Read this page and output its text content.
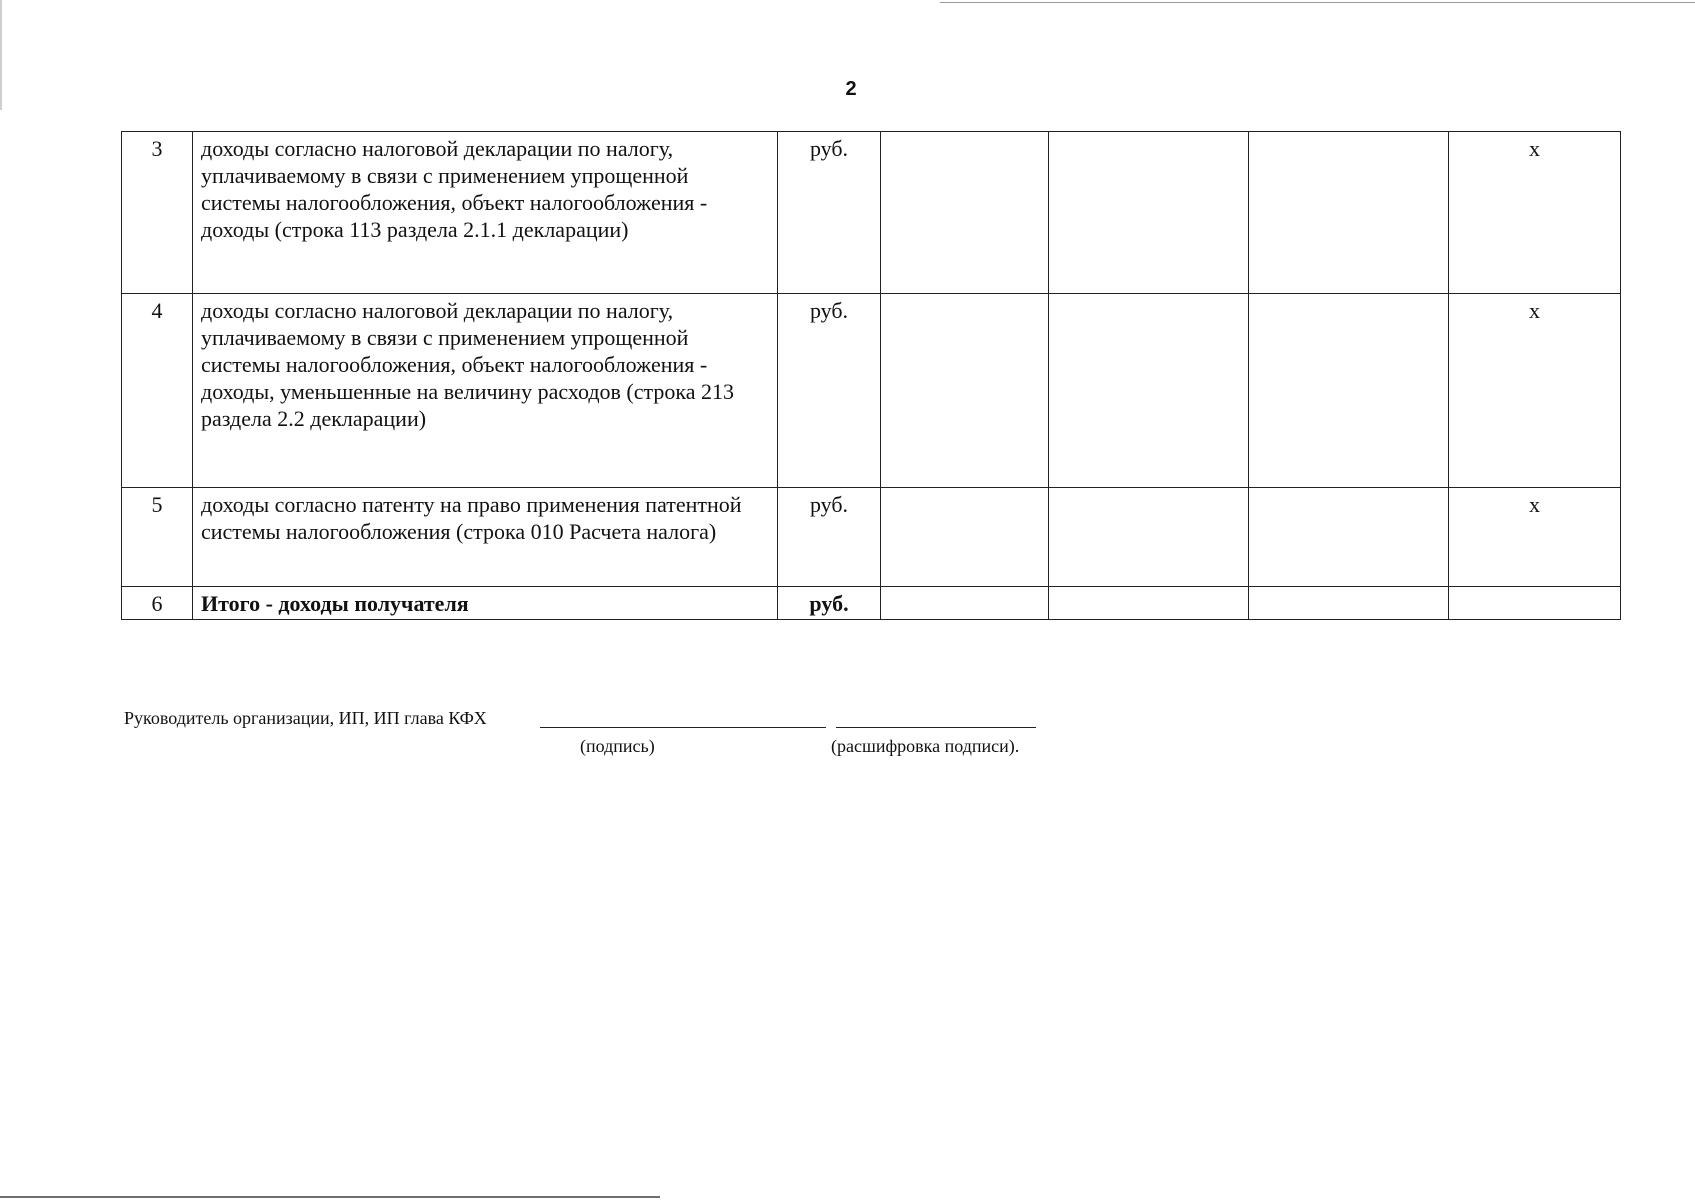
2
3	доходы согласно налоговой декларации по налогу, уплачиваемому в связи с применением упрощенной системы налогообложения, объект налогообложения - доходы (строка 113 раздела 2.1.1 декларации)	руб.				х
4	доходы согласно налоговой декларации по налогу, уплачиваемому в связи с применением упрощенной системы налогообложения, объект налогообложения - доходы, уменьшенные на величину расходов (строка 213 раздела 2.2 декларации)	руб.				х
5	доходы согласно патенту на право применения патентной системы налогообложения (строка 010 Расчета налога)	руб.				х
6	Итого - доходы получателя	руб.				
Руководитель организации, ИП, ИП глава КФХ
(подпись)	(расшифровка подписи).
